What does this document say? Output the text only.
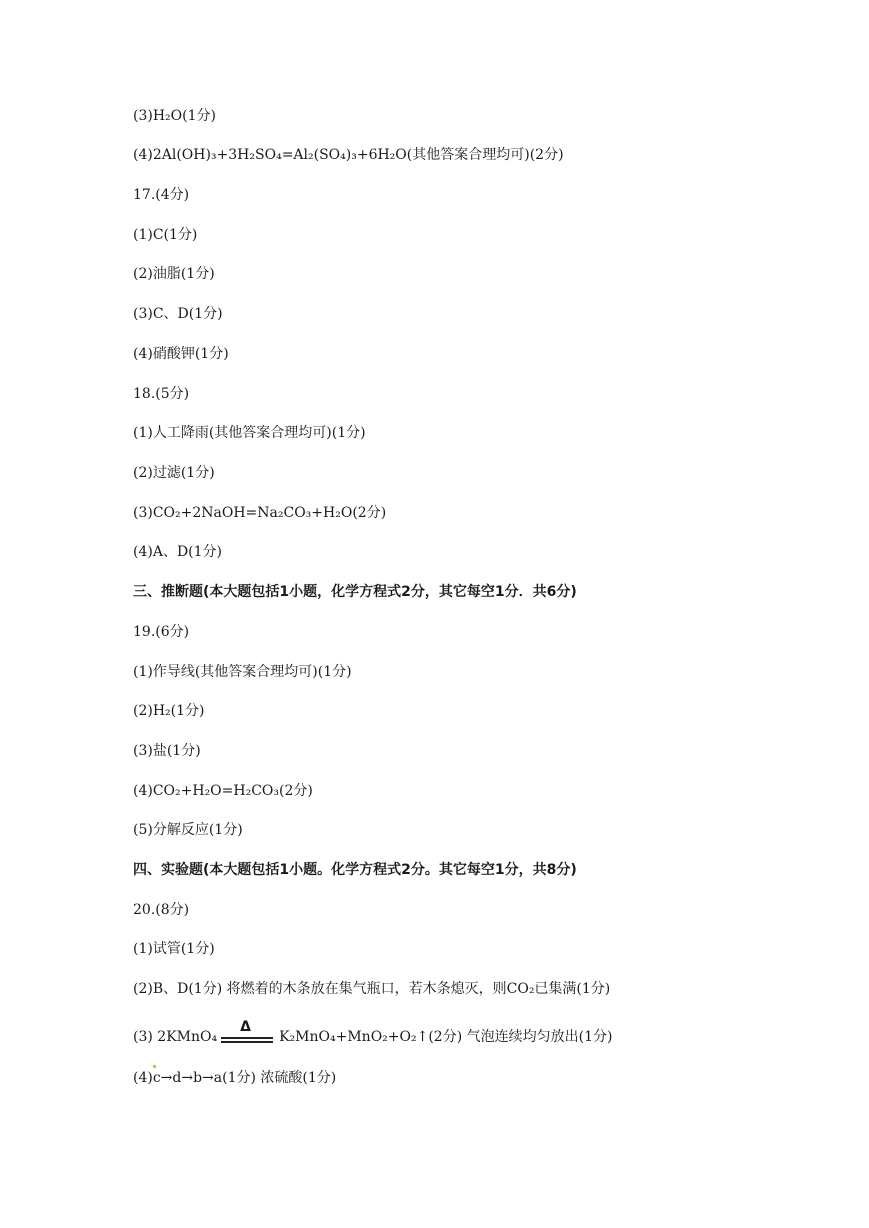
(3)H₂O(1分)
(4)2Al(OH)₃+3H₂SO₄=Al₂(SO₄)₃+6H₂O(其他答案合理均可)(2分)
17.(4分)
(1)C(1分)
(2)油脂(1分)
(3)C、D(1分)
(4)硝酸钾(1分)
18.(5分)
(1)人工降雨(其他答案合理均可)(1分)
(2)过滤(1分)
(3)CO₂+2NaOH=Na₂CO₃+H₂O(2分)
(4)A、D(1分)
三、推断题(本大题包括1小题，化学方程式2分，其它每空1分．共6分)
19.(6分)
(1)作导线(其他答案合理均可)(1分)
(2)H₂(1分)
(3)盐(1分)
(4)CO₂+H₂O=H₂CO₃(2分)
(5)分解反应(1分)
四、实验题(本大题包括1小题。化学方程式2分。其它每空1分，共8分)
20.(8分)
(1)试管(1分)
(2)B、D(1分) 将燃着的木条放在集气瓶口，若木条熄灭，则CO₂已集满(1分)
(3) 2KMnO₄
Δ
K₂MnO₄+MnO₂+O₂↑(2分) 气泡连续均匀放出(1分)
(4)c→d→b→a(1分) 浓硫酸(1分)
